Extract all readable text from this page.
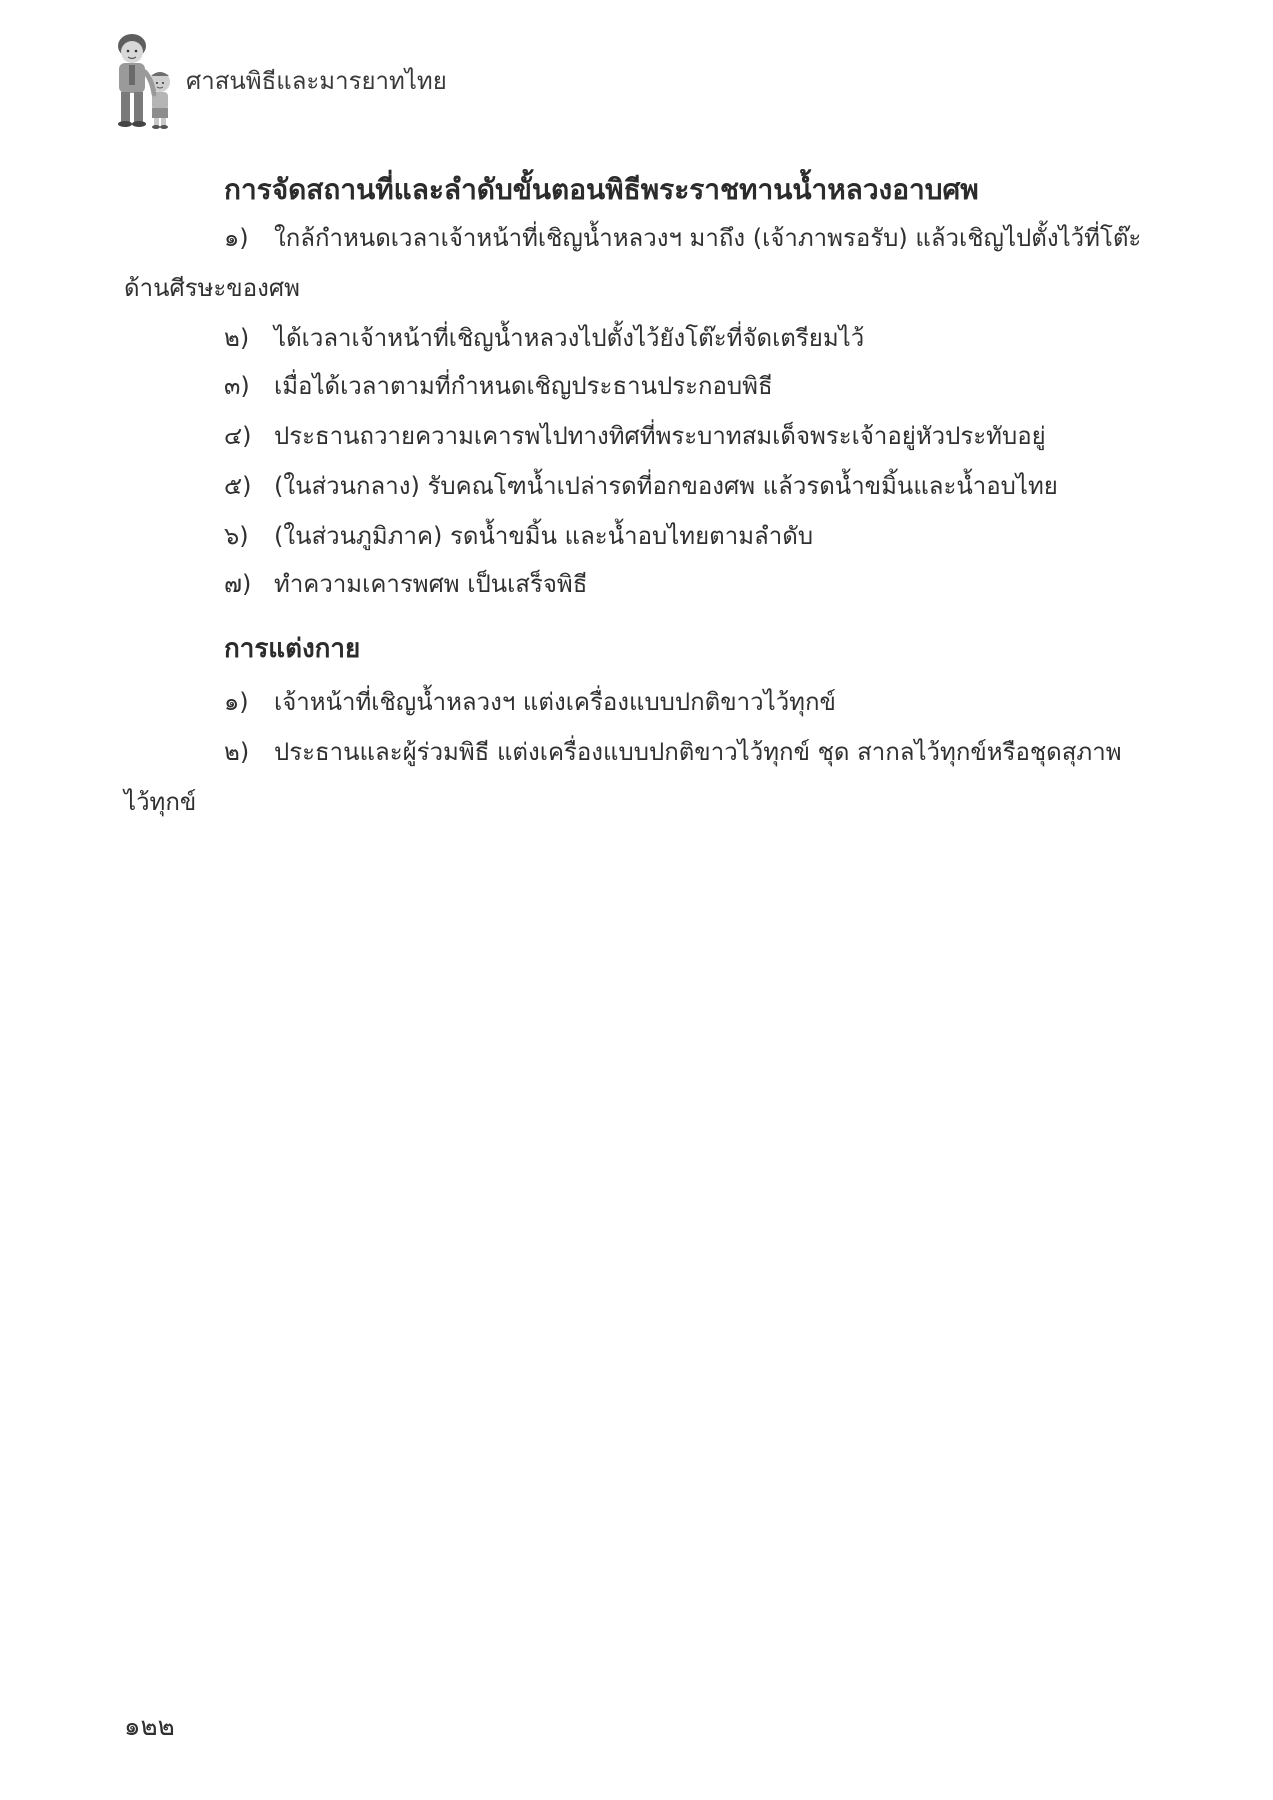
ศาสนพิธีและมารยาทไทย
การจัดสถานที่และลำดับขั้นตอนพิธีพระราชทานน้ำหลวงอาบศพ
๑) ใกล้กำหนดเวลาเจ้าหน้าที่เชิญน้ำหลวงฯ มาถึง (เจ้าภาพรอรับ) แล้วเชิญไปตั้งไว้ที่โต๊ะ
ด้านศีรษะของศพ
๒) ได้เวลาเจ้าหน้าที่เชิญน้ำหลวงไปตั้งไว้ยังโต๊ะที่จัดเตรียมไว้
๓) เมื่อได้เวลาตามที่กำหนดเชิญประธานประกอบพิธี
๔) ประธานถวายความเคารพไปทางทิศที่พระบาทสมเด็จพระเจ้าอยู่หัวประทับอยู่
๕) (ในส่วนกลาง) รับคณโฑน้ำเปล่ารดที่อกของศพ แล้วรดน้ำขมิ้นและน้ำอบไทย
๖) (ในส่วนภูมิภาค) รดน้ำขมิ้น และน้ำอบไทยตามลำดับ
๗) ทำความเคารพศพ เป็นเสร็จพิธี
การแต่งกาย
๑) เจ้าหน้าที่เชิญน้ำหลวงฯ แต่งเครื่องแบบปกติขาวไว้ทุกข์
๒) ประธานและผู้ร่วมพิธี แต่งเครื่องแบบปกติขาวไว้ทุกข์ ชุด สากลไว้ทุกข์หรือชุดสุภาพ
ไว้ทุกข์
๑๒๒
